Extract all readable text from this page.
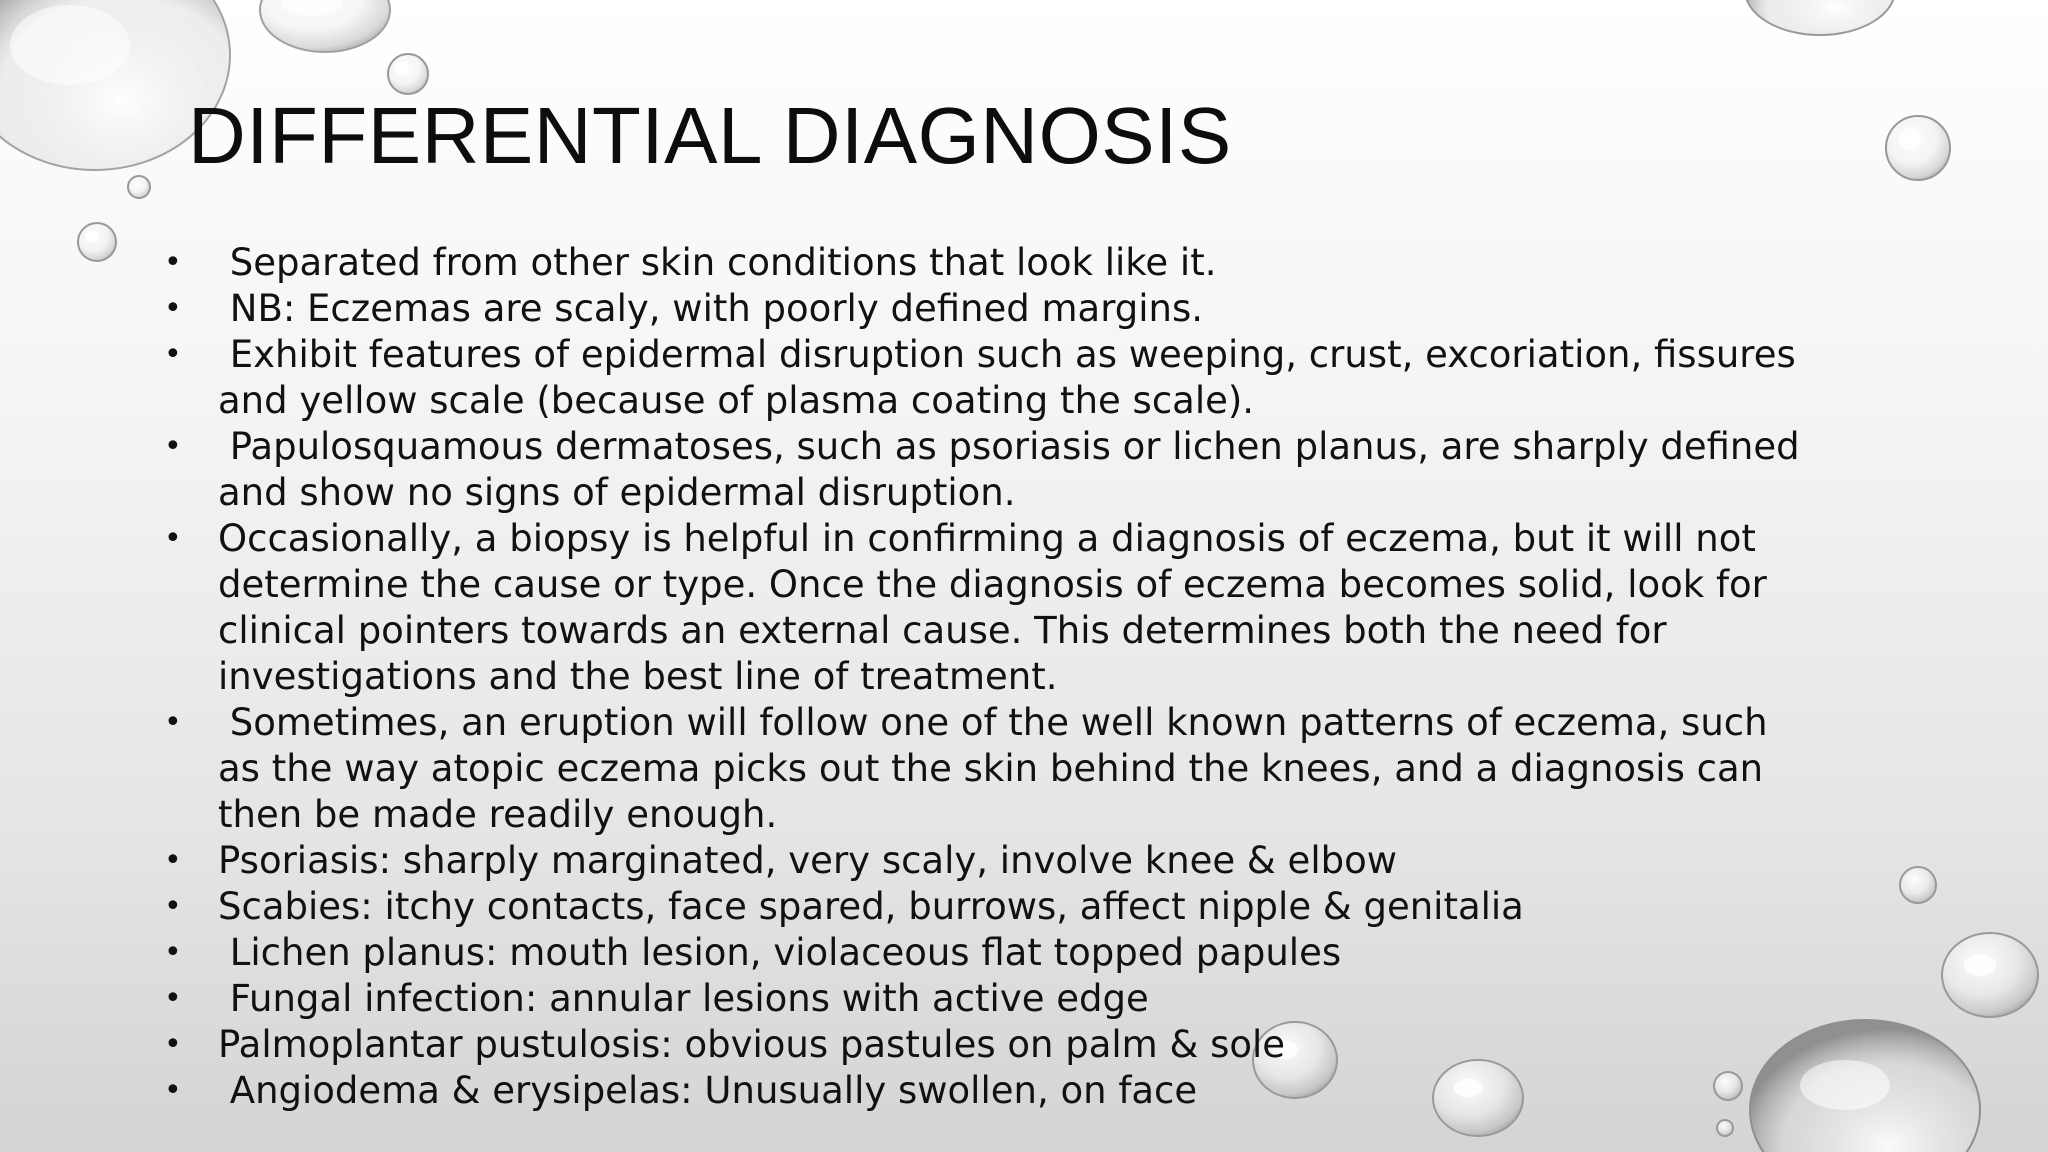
DIFFERENTIAL DIAGNOSIS
• Separated from other skin conditions that look like it.
• NB: Eczemas are scaly, with poorly defined margins.
• Exhibit features of epidermal disruption such as weeping, crust, excoriation, fissures
and yellow scale (because of plasma coating the scale).
• Papulosquamous dermatoses, such as psoriasis or lichen planus, are sharply defined
and show no signs of epidermal disruption.
• Occasionally, a biopsy is helpful in confirming a diagnosis of eczema, but it will not
determine the cause or type. Once the diagnosis of eczema becomes solid, look for
clinical pointers towards an external cause. This determines both the need for
investigations and the best line of treatment.
• Sometimes, an eruption will follow one of the well known patterns of eczema, such
as the way atopic eczema picks out the skin behind the knees, and a diagnosis can
then be made readily enough.
• Psoriasis: sharply marginated, very scaly, involve knee & elbow
• Scabies: itchy contacts, face spared, burrows, affect nipple & genitalia
• Lichen planus: mouth lesion, violaceous flat topped papules
• Fungal infection: annular lesions with active edge
• Palmoplantar pustulosis: obvious pastules on palm & sole
• Angiodema & erysipelas: Unusually swollen, on face
